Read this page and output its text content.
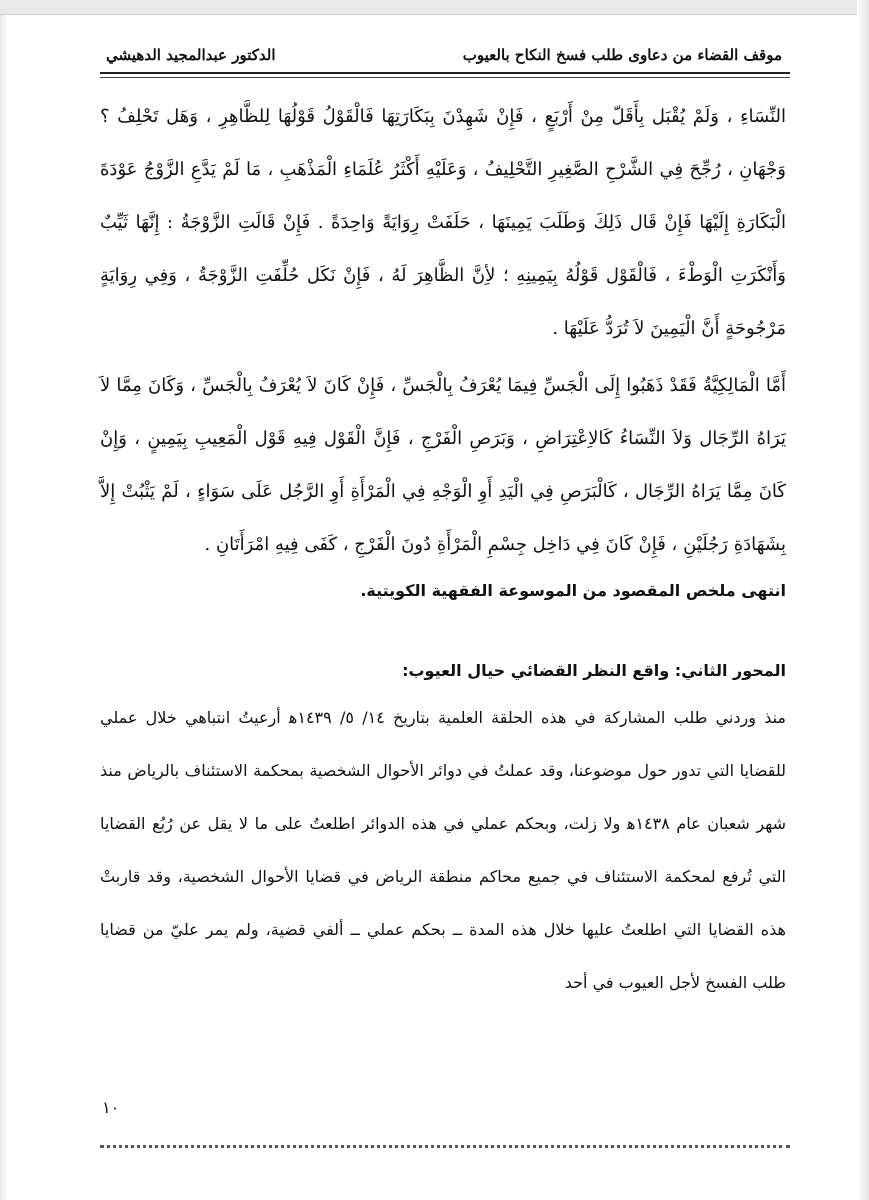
موقف القضاء من دعاوى طلب فسخ النكاح بالعيوب
الدكتور عبدالمجيد الدهيشي

النِّسَاءِ ، وَلَمْ يُقْبَل بِأَقَلّ مِنْ أَرْبَعٍ ، فَإِنْ شَهِدْنَ بِبَكَارَتِهَا فَالْقَوْلُ قَوْلُهَا لِلظَّاهِرِ ، وَهَل تَحْلِفُ ؟ وَجْهَانِ ، رُجِّحَ فِي الشَّرْحِ الصَّغِيرِ التَّحْلِيفُ ، وَعَلَيْهِ أَكْثَرُ عُلَمَاءِ الْمَذْهَبِ ، مَا لَمْ يَدَّعِ الزَّوْجُ عَوْدَةَ الْبَكَارَةِ إِلَيْهَا فَإِنْ قَال ذَلِكَ وَطَلَبَ يَمِينَهَا ، حَلَفَتْ رِوَايَةً وَاحِدَةً . فَإِنْ قَالَتِ الزَّوْجَةُ : إِنَّهَا ثَيِّبٌ وَأَنْكَرَتِ الْوَطْءَ ، فَالْقَوْل قَوْلُهُ بِيَمِينِهِ ؛ لأِنَّ الظَّاهِرَ لَهُ ، فَإِنْ نَكَل حُلِّفَتِ الزَّوْجَةُ ، وَفِي رِوَايَةٍ مَرْجُوحَةٍ أَنَّ الْيَمِينَ لاَ تُرَدُّ عَلَيْهَا .

أَمَّا الْمَالِكِيَّةُ فَقَدْ ذَهَبُوا إِلَى الْجَسِّ فِيمَا يُعْرَفُ بِالْجَسِّ ، فَإِنْ كَانَ لاَ يُعْرَفُ بِالْجَسِّ ، وَكَانَ مِمَّا لاَ يَرَاهُ الرِّجَال وَلاَ النِّسَاءُ كَالاِعْتِرَاضِ ، وَبَرَصِ الْفَرْجِ ، فَإِنَّ الْقَوْل فِيهِ قَوْل الْمَعِيبِ بِيَمِينٍ ، وَإِنْ كَانَ مِمَّا يَرَاهُ الرِّجَال ، كَالْبَرَصِ فِي الْيَدِ أَوِ الْوَجْهِ فِي الْمَرْأَةِ أَوِ الرَّجُل عَلَى سَوَاءٍ ، لَمْ يَثْبُتْ إِلاَّ بِشَهَادَةِ رَجُلَيْنِ ، فَإِنْ كَانَ فِي دَاخِل جِسْمِ الْمَرْأَةِ دُونَ الْفَرْجِ ، كَفَى فِيهِ امْرَأَتَانِ .

انتهى ملخص المقصود من الموسوعة الفقهية الكويتية.

المحور الثاني: واقع النظر القضائي حيال العيوب:

منذ وردني طلب المشاركة في هذه الحلقة العلمية بتاريخ ١٤/ ٥/ ١٤٣٩ﻫ أرعيتُ انتباهي خلال عملي للقضايا التي تدور حول موضوعنا، وقد عملتُ في دوائر الأحوال الشخصية بمحكمة الاستئناف بالرياض منذ شهر شعبان عام ١٤٣٨ﻫ ولا زلت، وبحكم عملي في هذه الدوائر اطلعتُ على ما لا يقل عن رُبُع القضايا التي تُرفع لمحكمة الاستئناف في جميع محاكم منطقة الرياض في قضايا الأحوال الشخصية، وقد قاربتْ هذه القضايا التي اطلعتُ عليها خلال هذه المدة ــ بحكم عملي ــ ألفي قضية، ولم يمر عليّ من قضايا طلب الفسخ لأجل العيوب في أحد

١٠
